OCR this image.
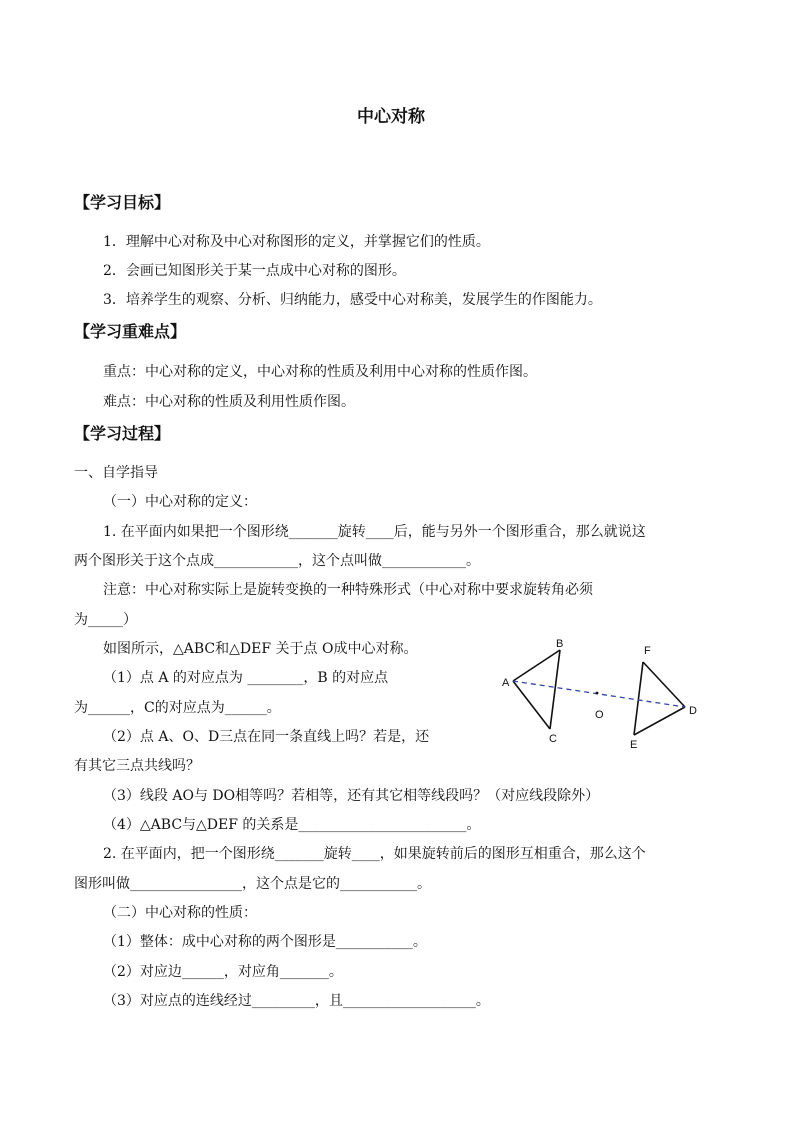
中心对称
【学习目标】
1．理解中心对称及中心对称图形的定义，并掌握它们的性质。
2．会画已知图形关于某一点成中心对称的图形。
3．培养学生的观察、分析、归纳能力，感受中心对称美，发展学生的作图能力。
【学习重难点】
重点：中心对称的定义，中心对称的性质及利用中心对称的性质作图。
难点：中心对称的性质及利用性质作图。
【学习过程】
一、自学指导
（一）中心对称的定义：
1. 在平面内如果把一个图形绕_______旋转____后，能与另外一个图形重合，那么就说这
两个图形关于这个点成____________，这个点叫做____________。
注意：中心对称实际上是旋转变换的一种特殊形式（中心对称中要求旋转角必须
为_____）
如图所示，△ABC和△DEF 关于点 O成中心对称。
（1）点 A 的对应点为 ________，B 的对应点
为______，C的对应点为______。
（2）点 A、O、D三点在同一条直线上吗？若是，还
有其它三点共线吗？
（3）线段 AO与 DO相等吗？若相等，还有其它相等线段吗？（对应线段除外）
（4）△ABC与△DEF 的关系是________________________。
2. 在平面内，把一个图形绕_______旋转____，如果旋转前后的图形互相重合，那么这个
图形叫做________________，这个点是它的___________。
（二）中心对称的性质：
（1）整体：成中心对称的两个图形是___________。
（2）对应边______，对应角_______。
（3）对应点的连线经过_________，且___________________。
A
B
C
D
E
F
O
